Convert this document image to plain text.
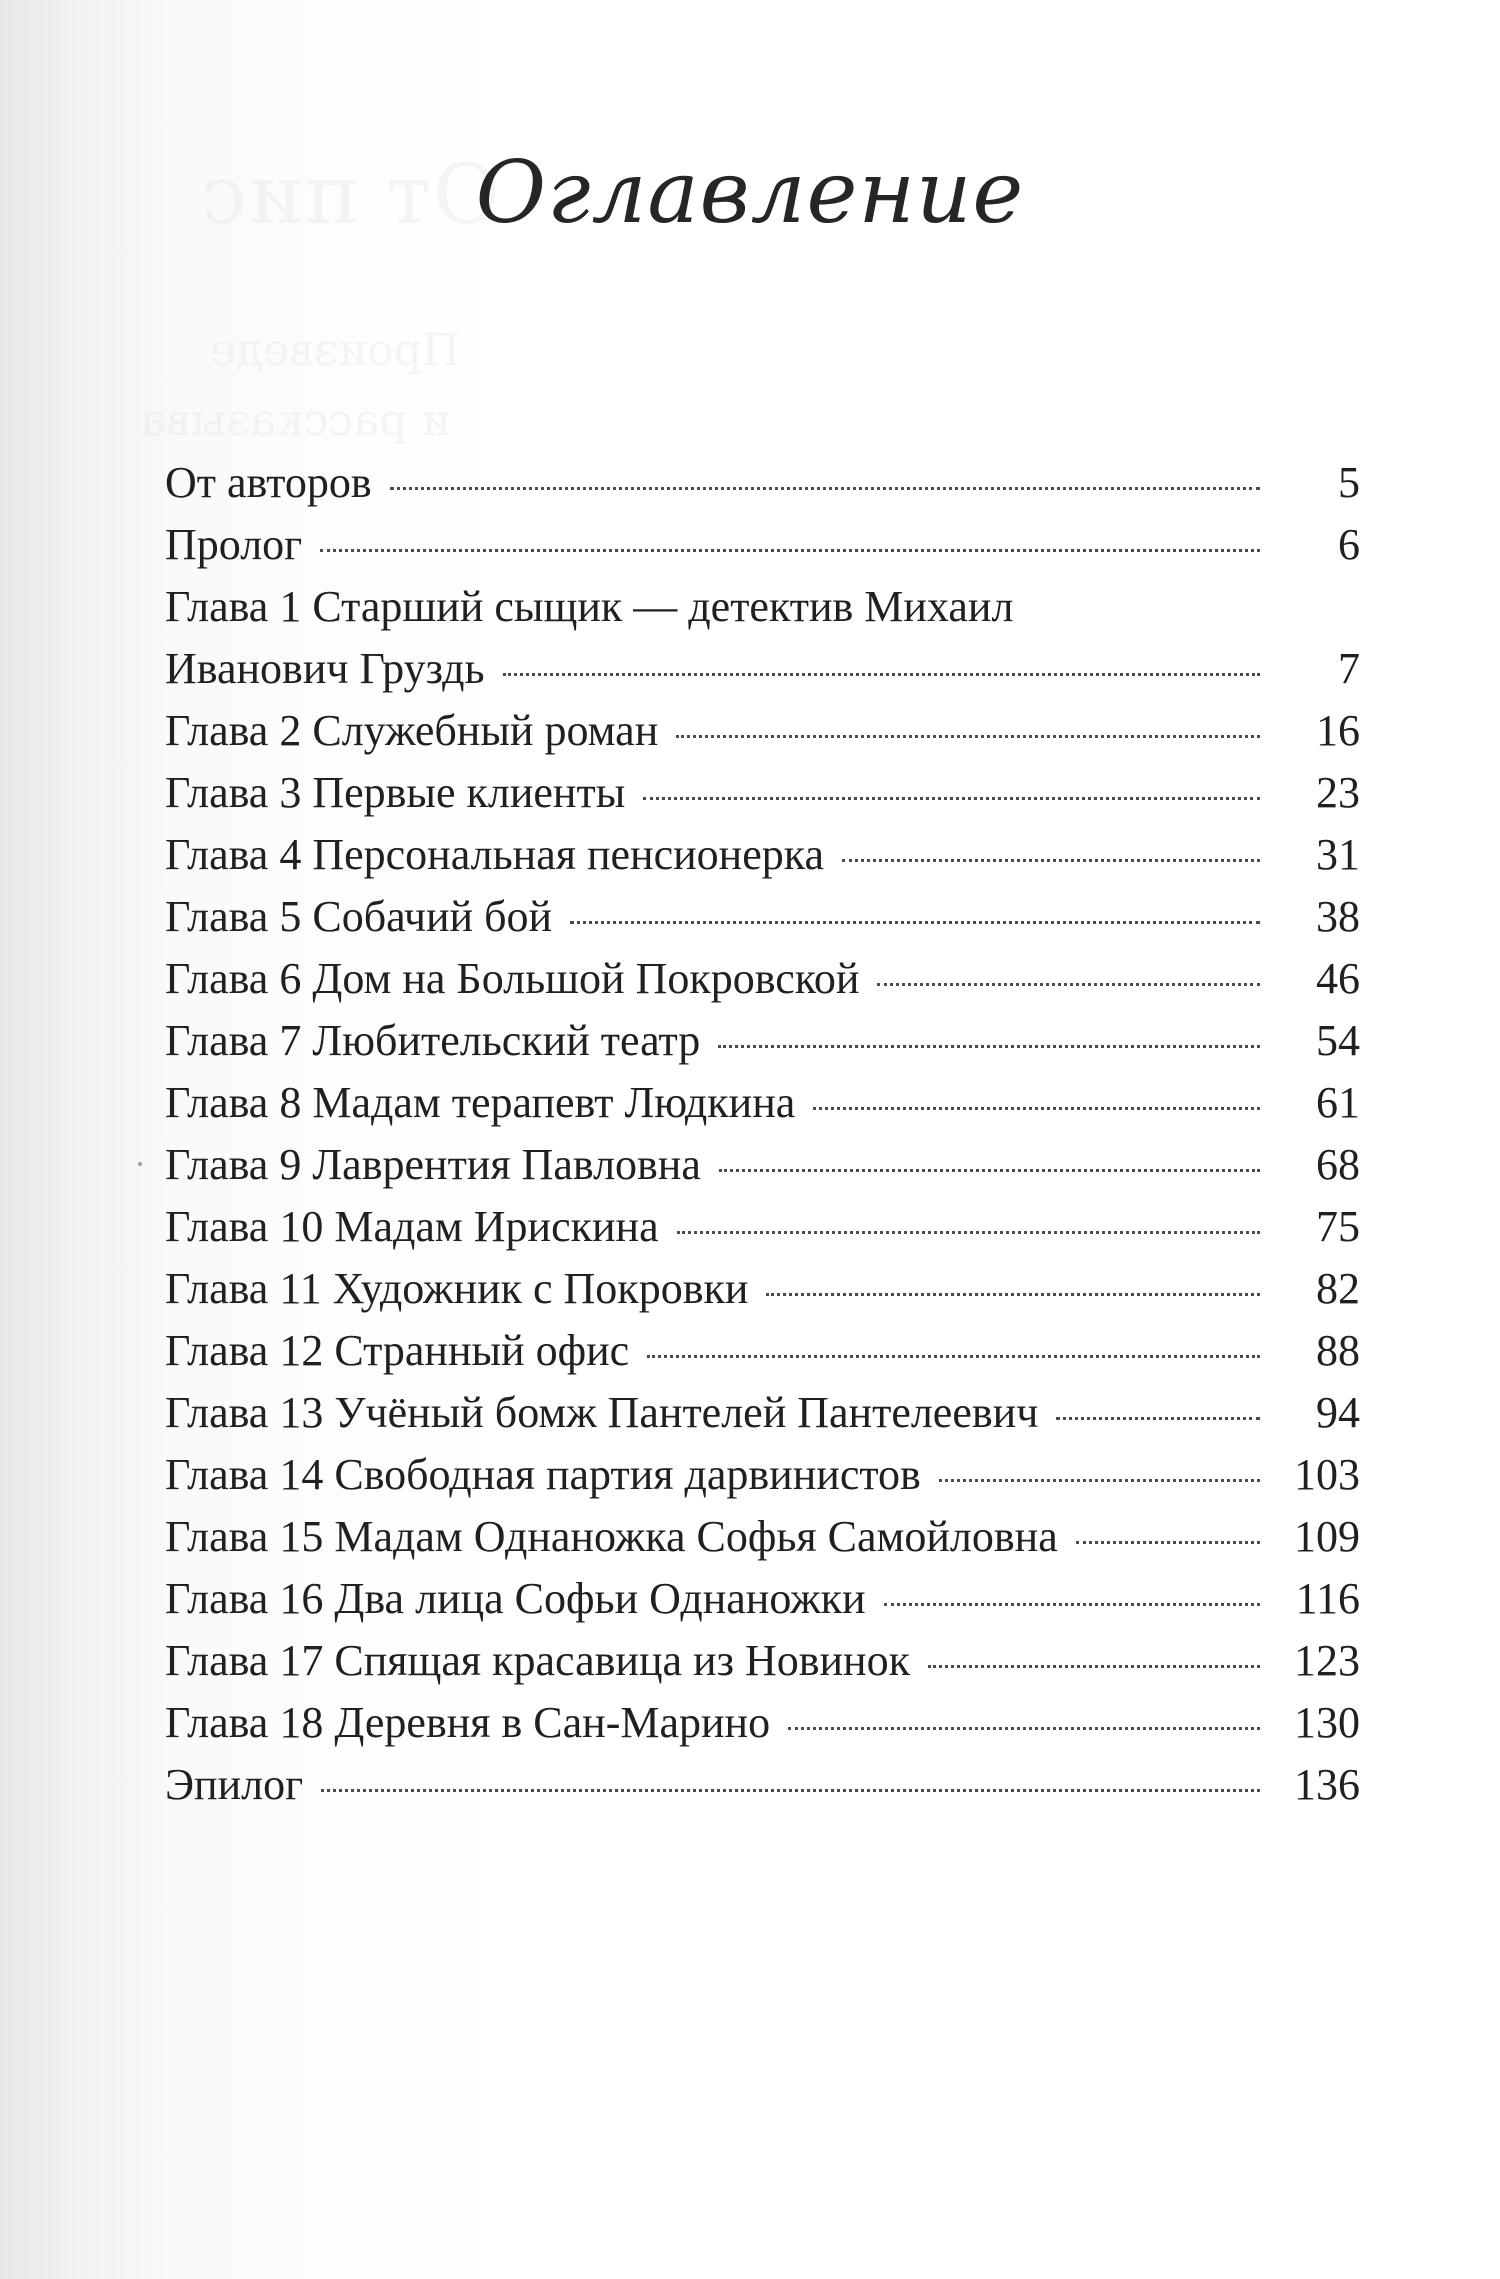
От пис
Произведе
и рассказыва
Оглавление
От авторов	5
Пролог	6
Глава 1 Старший сыщик — детектив Михаил
Иванович Груздь	7
Глава 2 Служебный роман	16
Глава 3 Первые клиенты	23
Глава 4 Персональная пенсионерка	31
Глава 5 Собачий бой	38
Глава 6 Дом на Большой Покровской	46
Глава 7 Любительский театр	54
Глава 8 Мадам терапевт Людкина	61
Глава 9 Лаврентия Павловна	68
Глава 10 Мадам Ирискина	75
Глава 11 Художник с Покровки	82
Глава 12 Странный офис	88
Глава 13 Учёный бомж Пантелей Пантелеевич	94
Глава 14 Свободная партия дарвинистов	103
Глава 15 Мадам Однаножка Софья Самойловна	109
Глава 16 Два лица Софьи Однаножки	116
Глава 17 Спящая красавица из Новинок	123
Глава 18 Деревня в Сан-Марино	130
Эпилог	136
